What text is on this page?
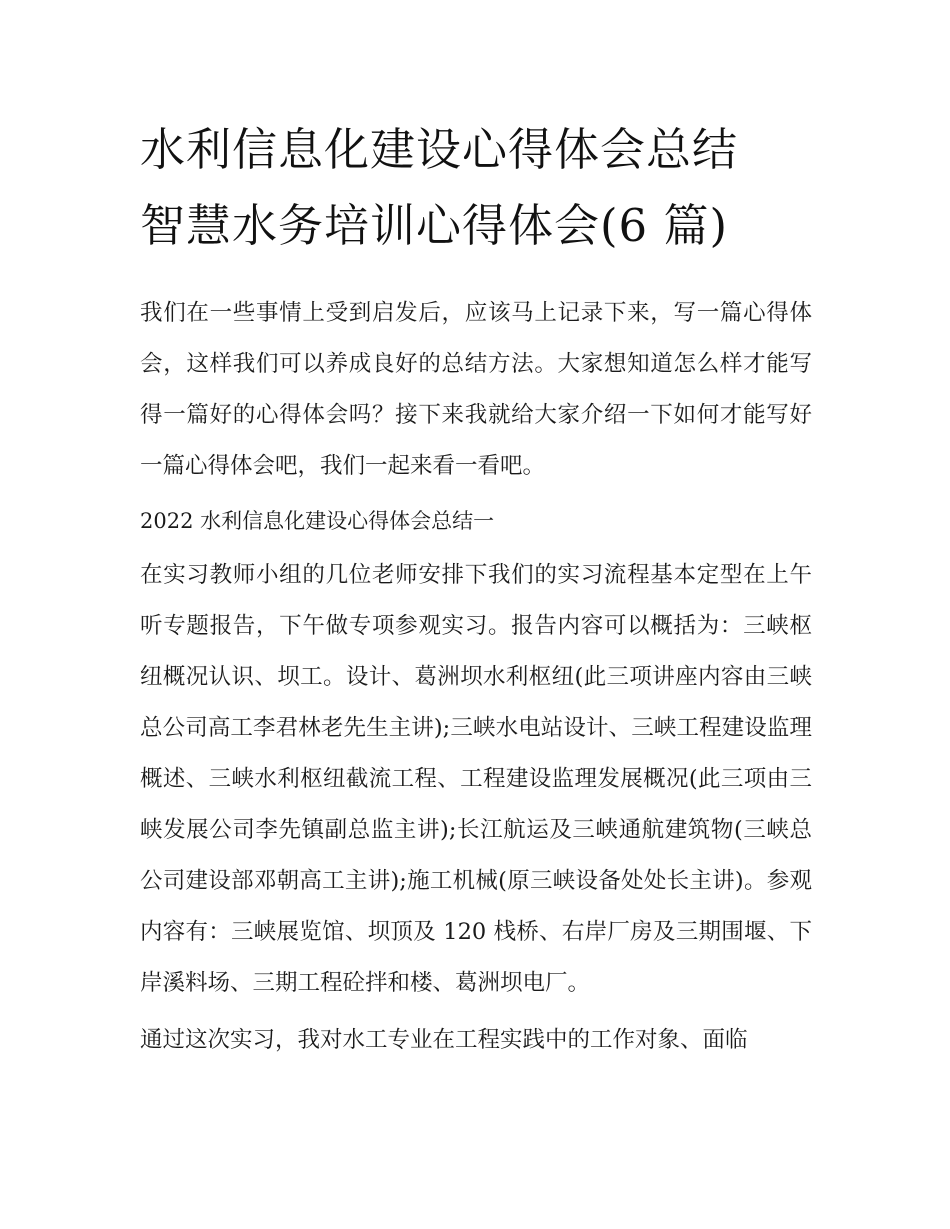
水利信息化建设心得体会总结
智慧水务培训心得体会(6 篇)

我们在一些事情上受到启发后，应该马上记录下来，写一篇心得体会，这样我们可以养成良好的总结方法。大家想知道怎么样才能写得一篇好的心得体会吗？接下来我就给大家介绍一下如何才能写好一篇心得体会吧，我们一起来看一看吧。

2022 水利信息化建设心得体会总结一

在实习教师小组的几位老师安排下我们的实习流程基本定型在上午听专题报告，下午做专项参观实习。报告内容可以概括为：三峡枢纽概况认识、坝工。设计、葛洲坝水利枢纽(此三项讲座内容由三峡总公司高工李君林老先生主讲);三峡水电站设计、三峡工程建设监理概述、三峡水利枢纽截流工程、工程建设监理发展概况(此三项由三峡发展公司李先镇副总监主讲);长江航运及三峡通航建筑物(三峡总公司建设部邓朝高工主讲);施工机械(原三峡设备处处长主讲)。参观内容有：三峡展览馆、坝顶及 120 栈桥、右岸厂房及三期围堰、下岸溪料场、三期工程砼拌和楼、葛洲坝电厂。

通过这次实习，我对水工专业在工程实践中的工作对象、面临
